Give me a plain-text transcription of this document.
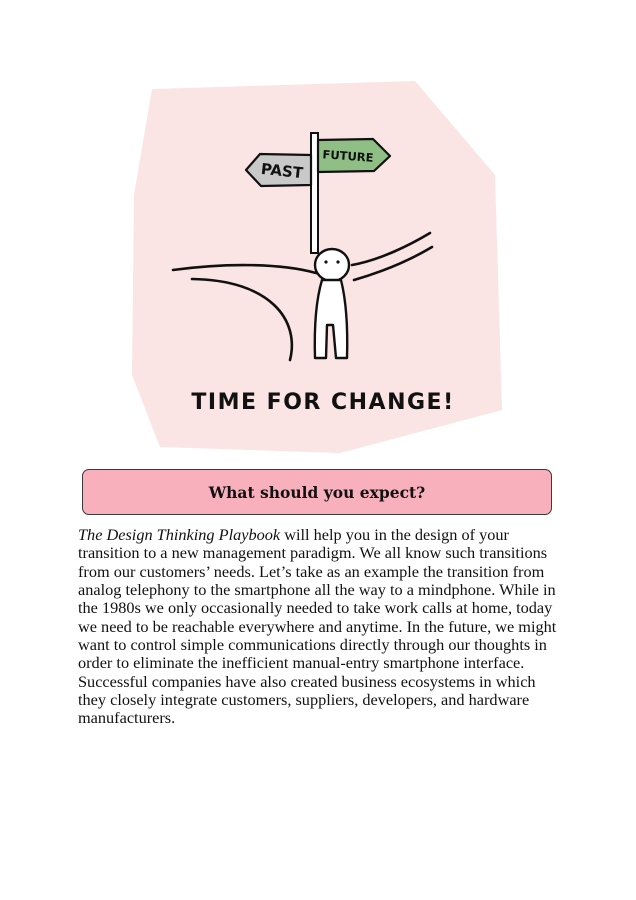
PAST
FUTURE
TIME FOR CHANGE!
What should you expect?

The Design Thinking Playbook will help you in the design of your transition to a new management paradigm. We all know such transitions from our customers’ needs. Let’s take as an example the transition from analog telephony to the smartphone all the way to a mindphone. While in the 1980s we only occasionally needed to take work calls at home, today we need to be reachable everywhere and anytime. In the future, we might want to control simple communications directly through our thoughts in order to eliminate the inefficient manual-entry smartphone interface. Successful companies have also created business ecosystems in which they closely integrate customers, suppliers, developers, and hardware manufacturers.
